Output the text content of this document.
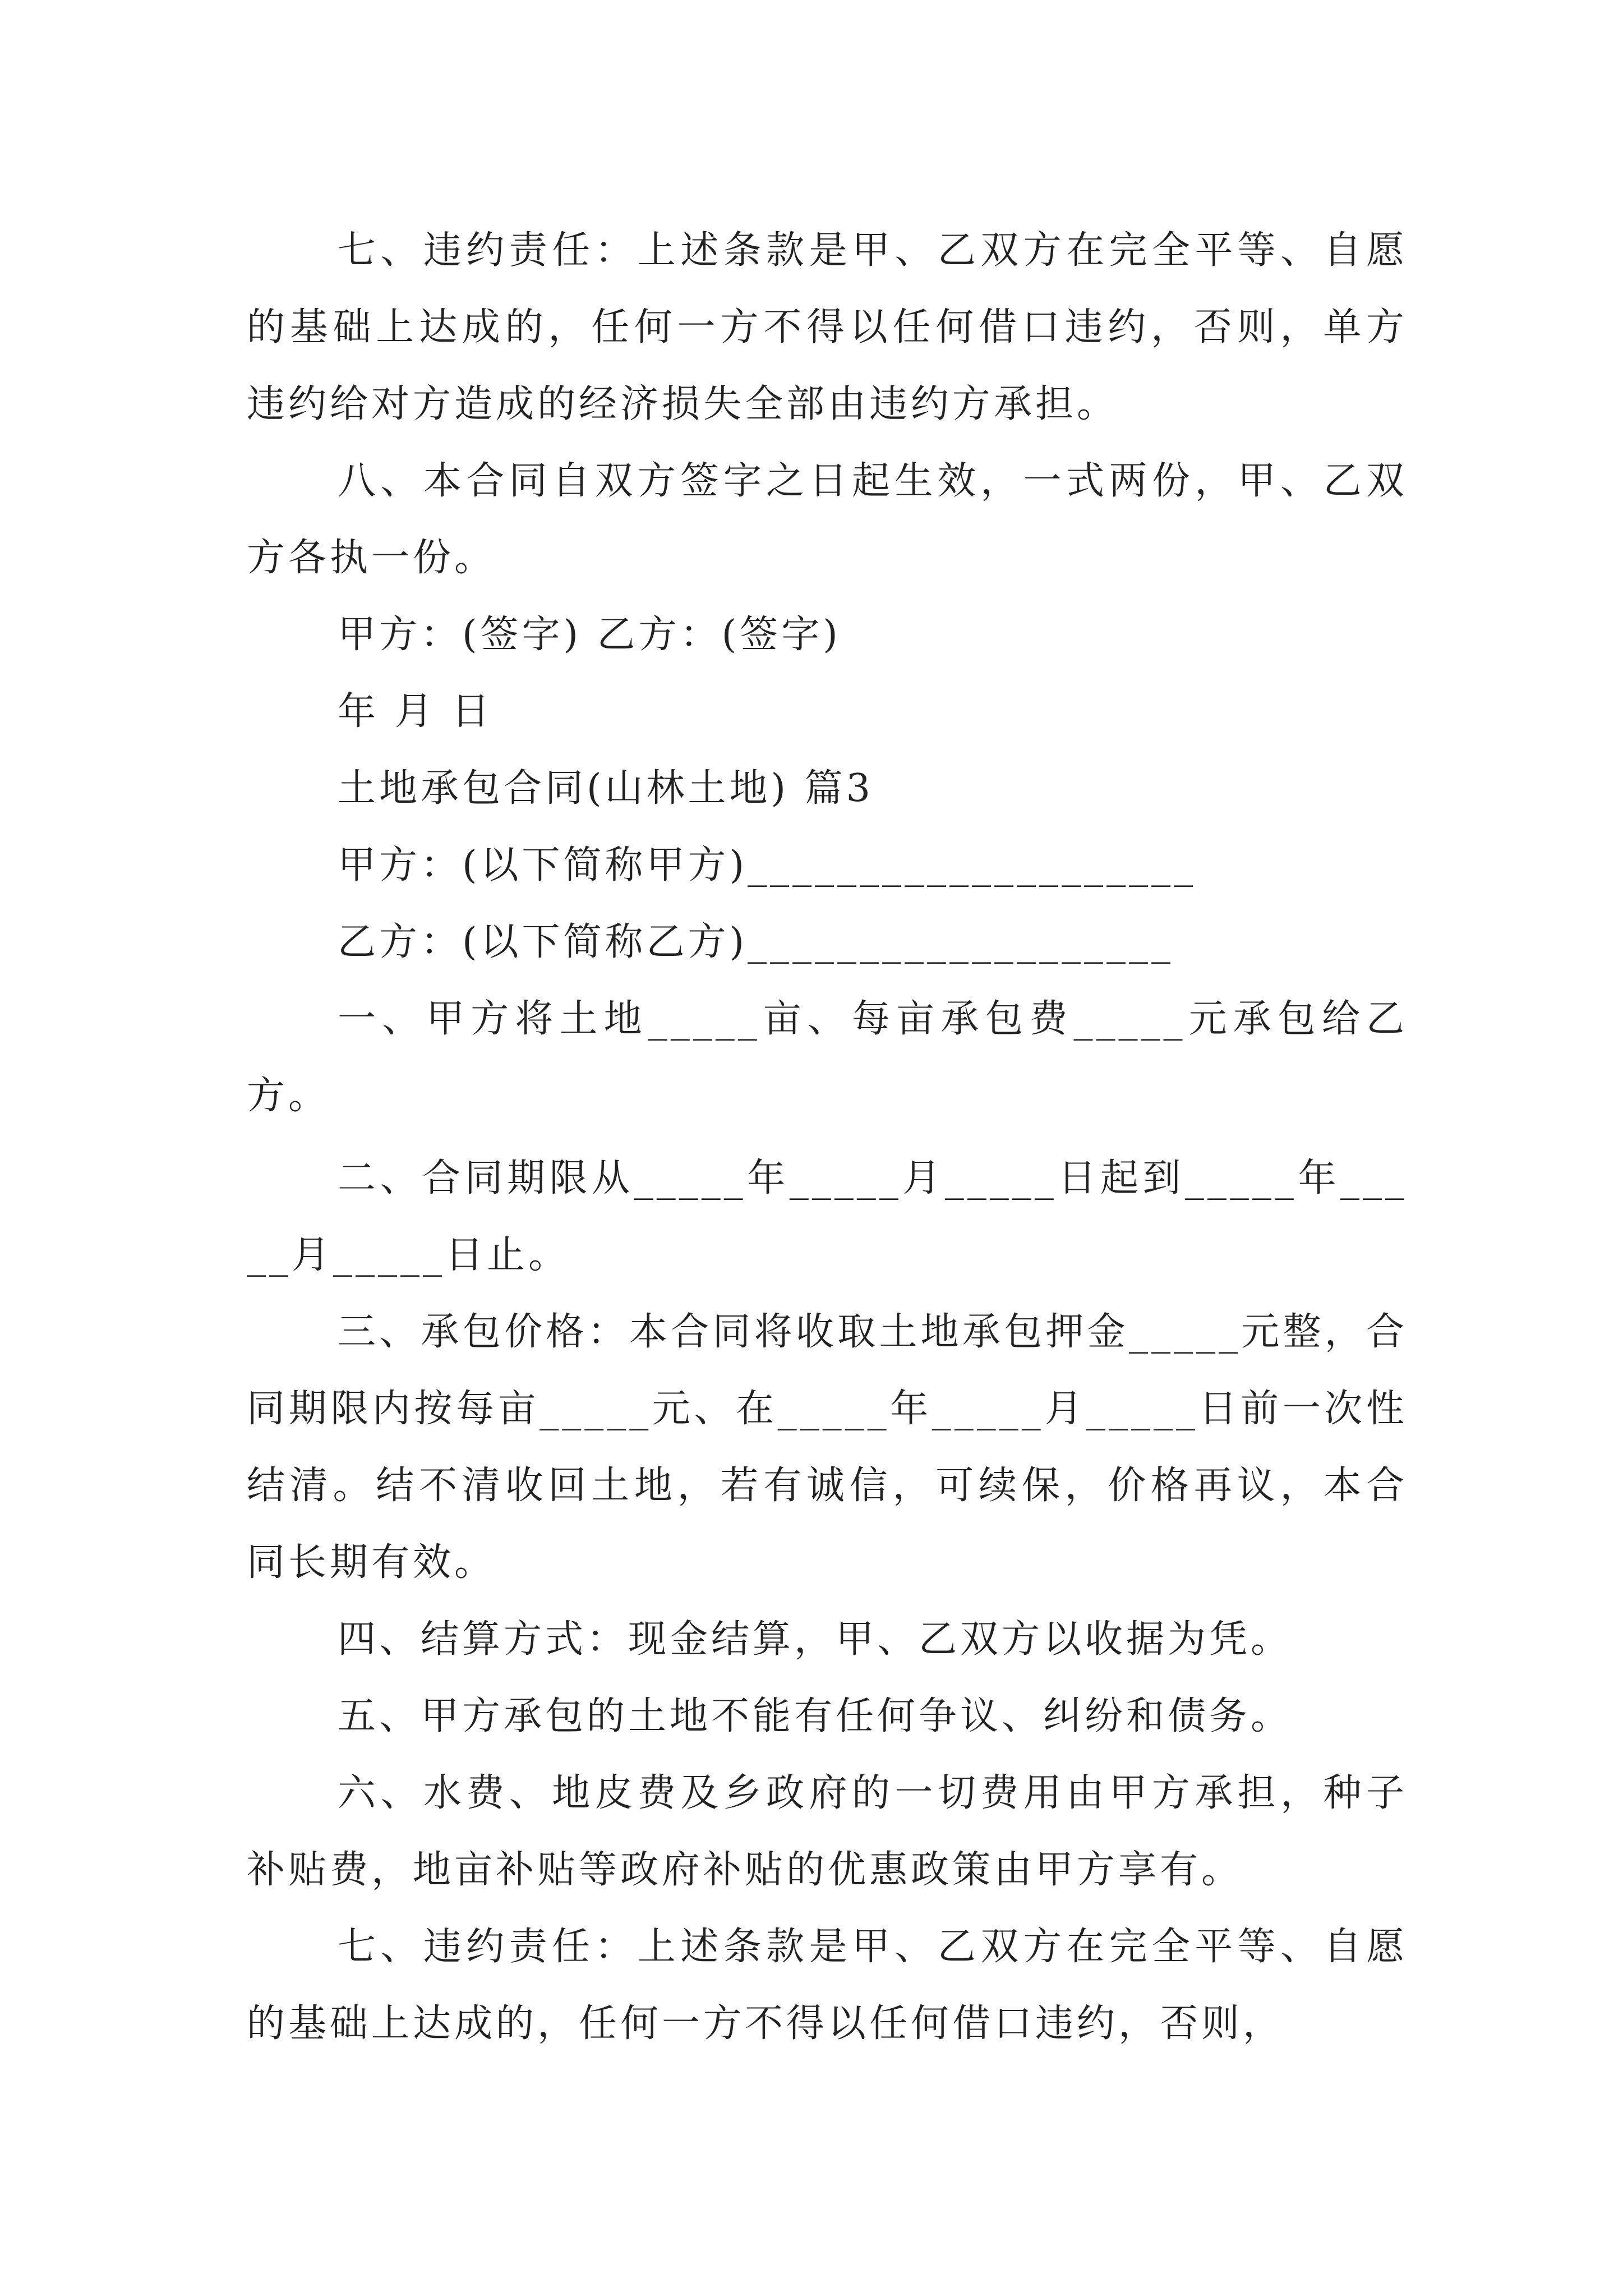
七、违约责任：上述条款是甲、乙双方在完全平等、自愿的基础上达成的，任何一方不得以任何借口违约，否则，单方违约给对方造成的经济损失全部由违约方承担。

八、本合同自双方签字之日起生效，一式两份，甲、乙双方各执一份。

甲方：(签字) 乙方：(签字)

年 月 日

土地承包合同(山林土地) 篇3

甲方：(以下简称甲方)____________________

乙方：(以下简称乙方)___________________

一、甲方将土地_____亩、每亩承包费_____元承包给乙方。

二、合同期限从_____年_____月_____日起到_____年_____月_____日止。

三、承包价格：本合同将收取土地承包押金_____元整，合同期限内按每亩_____元、在_____年_____月_____日前一次性结清。结不清收回土地，若有诚信，可续保，价格再议，本合同长期有效。

四、结算方式：现金结算，甲、乙双方以收据为凭。

五、甲方承包的土地不能有任何争议、纠纷和债务。

六、水费、地皮费及乡政府的一切费用由甲方承担，种子补贴费，地亩补贴等政府补贴的优惠政策由甲方享有。

七、违约责任：上述条款是甲、乙双方在完全平等、自愿的基础上达成的，任何一方不得以任何借口违约，否则，
